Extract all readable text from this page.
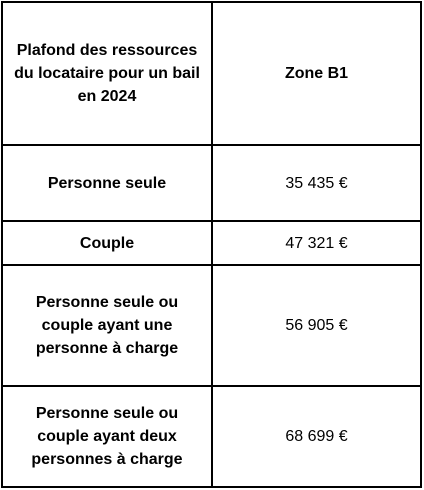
Plafond des ressources du locataire pour un bail en 2024	Zone B1
Personne seule	35 435 €
Couple	47 321 €
Personne seule ou couple ayant une personne à charge	56 905 €
Personne seule ou couple ayant deux personnes à charge	68 699 €
